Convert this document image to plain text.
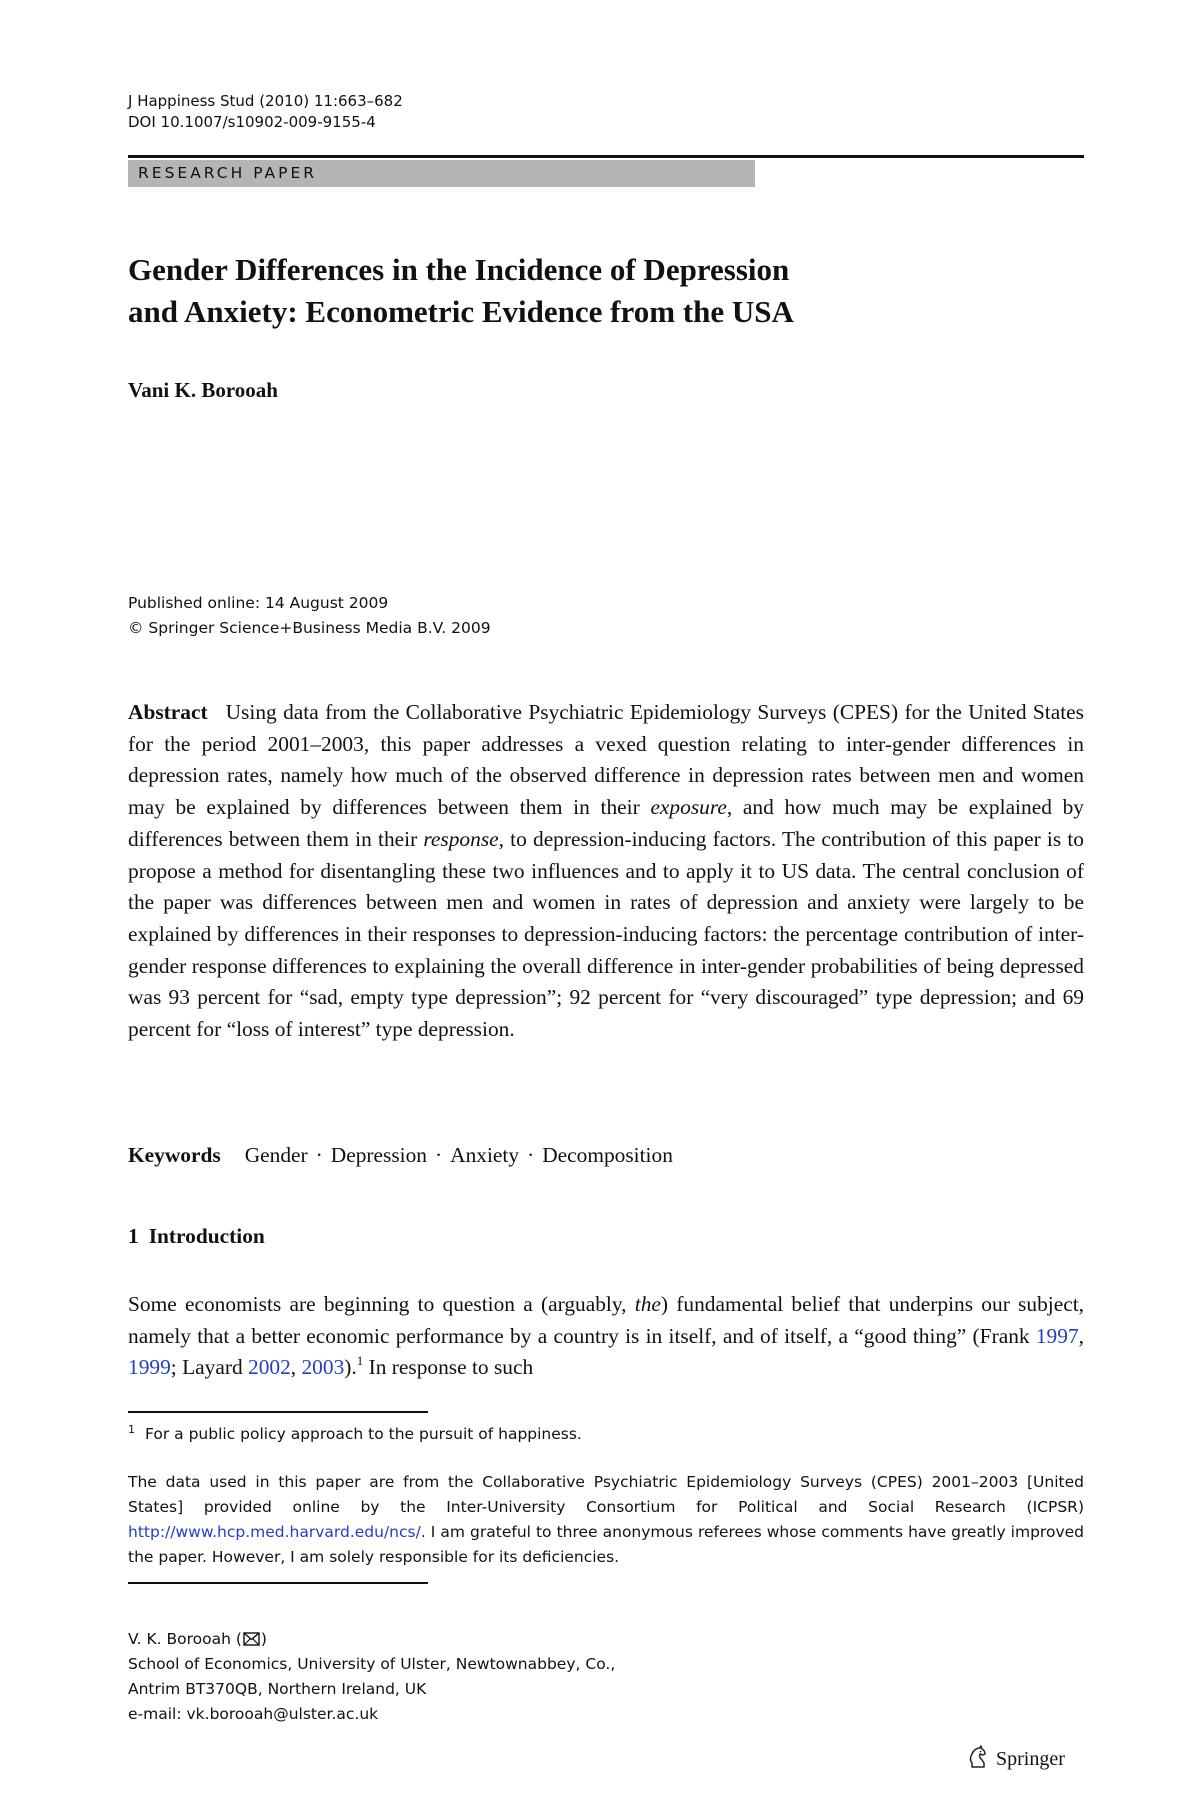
J Happiness Stud (2010) 11:663–682
DOI 10.1007/s10902-009-9155-4
RESEARCH PAPER
Gender Differences in the Incidence of Depression
and Anxiety: Econometric Evidence from the USA
Vani K. Borooah
Published online: 14 August 2009
© Springer Science+Business Media B.V. 2009

Abstract Using data from the Collaborative Psychiatric Epidemiology Surveys (CPES) for the United States for the period 2001–2003, this paper addresses a vexed question relating to inter-gender differences in depression rates, namely how much of the observed difference in depression rates between men and women may be explained by differences between them in their exposure, and how much may be explained by differences between them in their response, to depression-inducing factors. The contribution of this paper is to propose a method for disentangling these two influences and to apply it to US data. The central conclusion of the paper was differences between men and women in rates of depression and anxiety were largely to be explained by differences in their responses to depression-inducing factors: the percentage contribution of inter-gender response differences to explaining the overall difference in inter-gender probabilities of being depressed was 93 percent for “sad, empty type depression”; 92 percent for “very discouraged” type depression; and 69 percent for “loss of interest” type depression.

Keywords Gender · Depression · Anxiety · Decomposition
1 Introduction

Some economists are beginning to question a (arguably, the) fundamental belief that underpins our subject, namely that a better economic performance by a country is in itself, and of itself, a “good thing” (Frank 1997, 1999; Layard 2002, 2003).$^1$ In response to such

$^1$ For a public policy approach to the pursuit of happiness.

The data used in this paper are from the Collaborative Psychiatric Epidemiology Surveys (CPES) 2001–2003 [United States] provided online by the Inter-University Consortium for Political and Social Research (ICPSR) http://www.hcp.med.harvard.edu/ncs/. I am grateful to three anonymous referees whose comments have greatly improved the paper. However, I am solely responsible for its deficiencies.

V. K. Borooah ( )
School of Economics, University of Ulster, Newtownabbey, Co.,
Antrim BT370QB, Northern Ireland, UK
e-mail: vk.borooah@ulster.ac.uk
Springer
